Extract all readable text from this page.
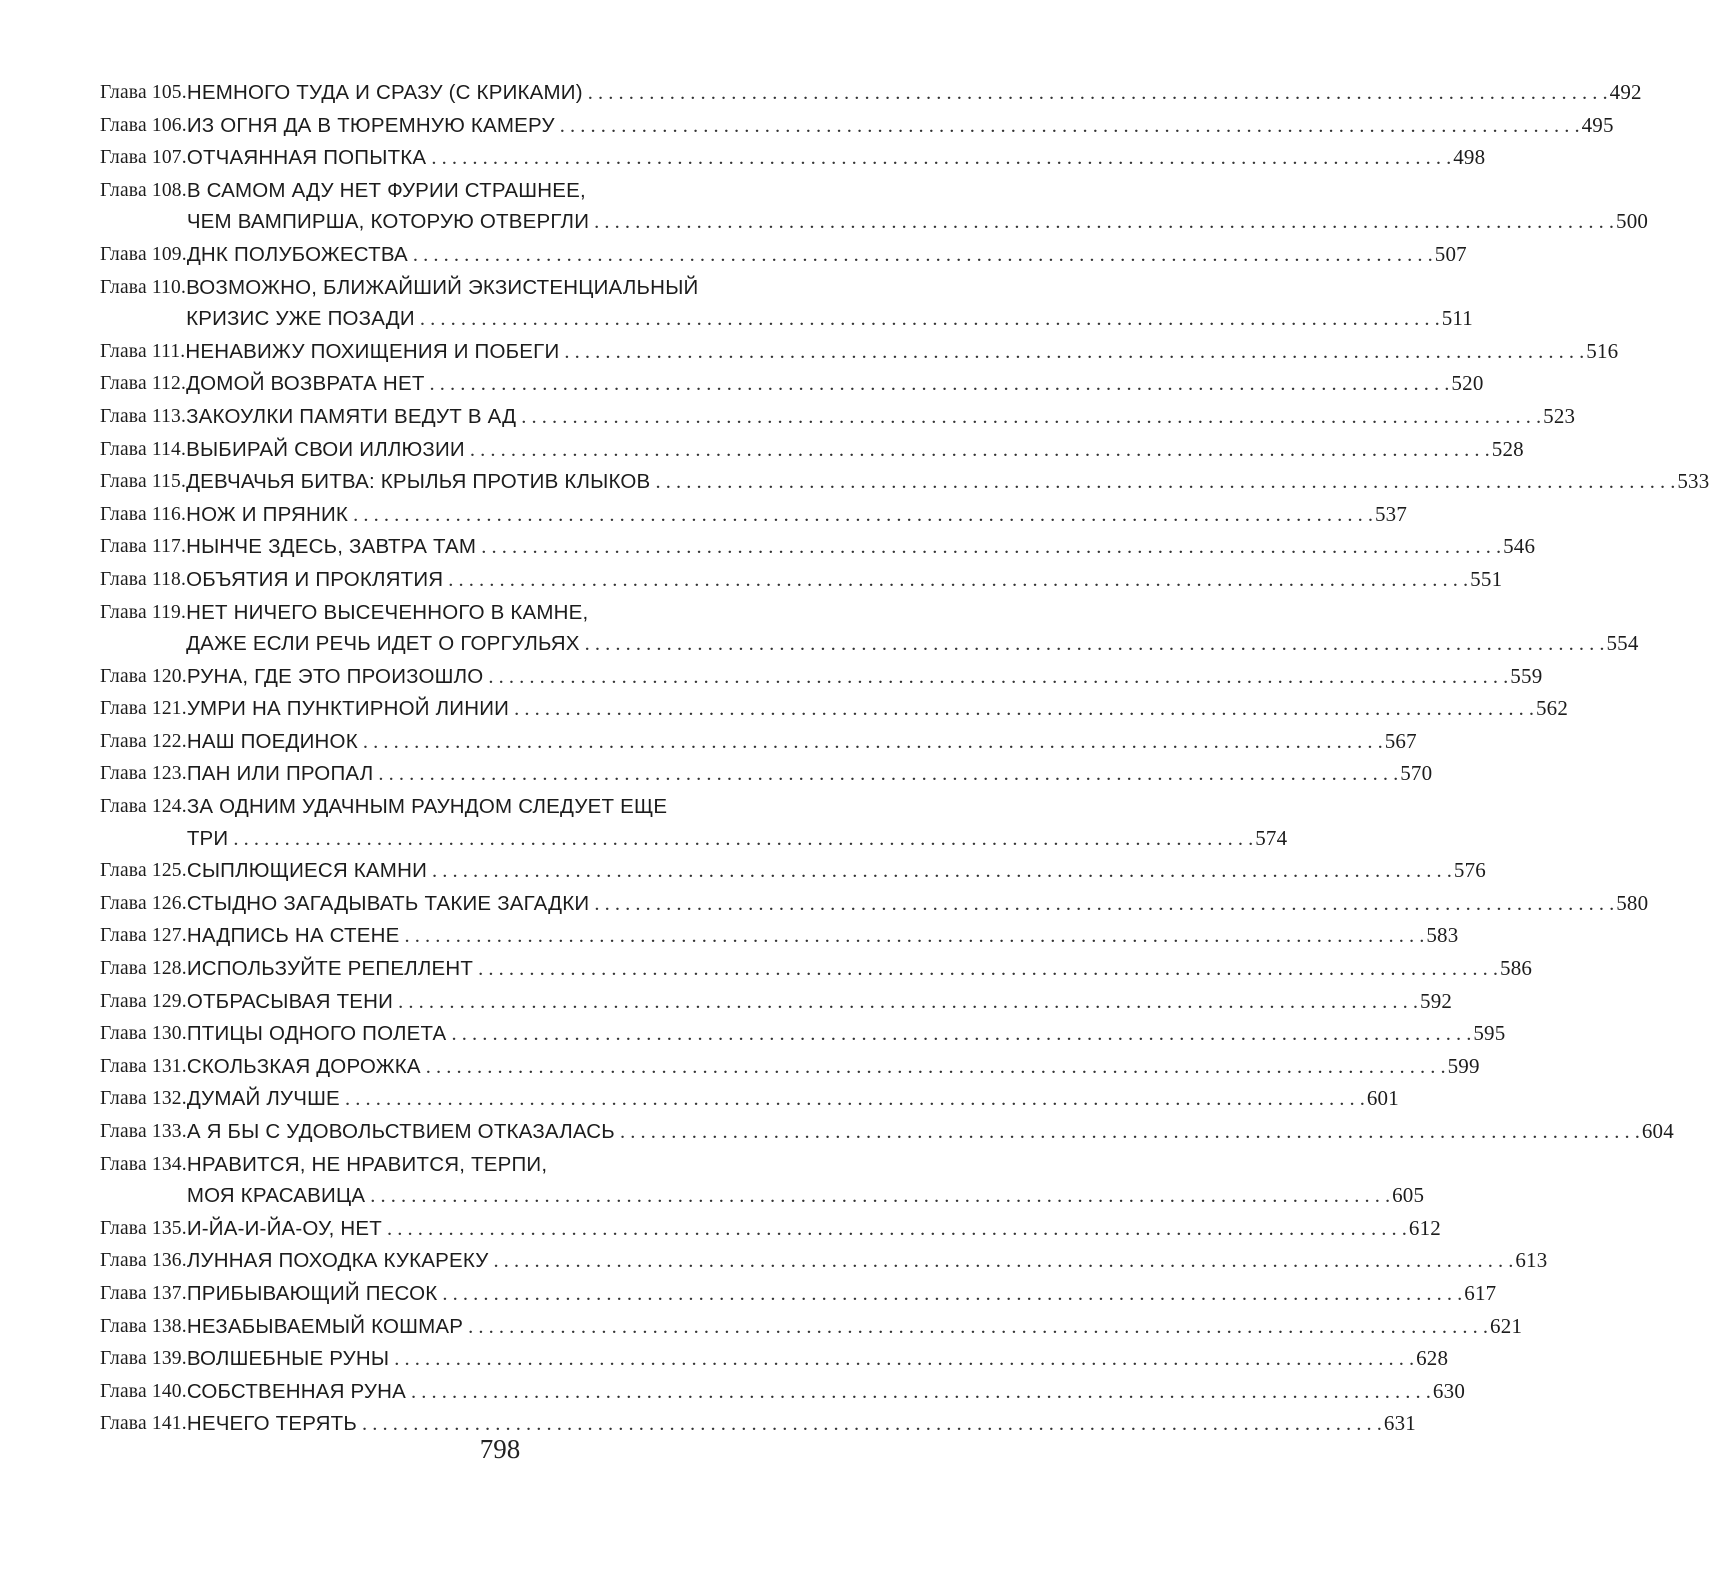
Глава 105. НЕМНОГО ТУДА И СРАЗУ (С КРИКАМИ) . . .	492
Глава 106. ИЗ ОГНЯ ДА В ТЮРЕМНУЮ КАМЕРУ . . .	495
Глава 107. ОТЧАЯННАЯ ПОПЫТКА . . .	498
Глава 108. В САМОМ АДУ НЕТ ФУРИИ СТРАШНЕЕ,
ЧЕМ ВАМПИРША, КОТОРУЮ ОТВЕРГЛИ . . .	500
Глава 109. ДНК ПОЛУБОЖЕСТВА . . .	507
Глава 110. ВОЗМОЖНО, БЛИЖАЙШИЙ ЭКЗИСТЕНЦИАЛЬНЫЙ
КРИЗИС УЖЕ ПОЗАДИ . . .	511
Глава 111. НЕНАВИЖУ ПОХИЩЕНИЯ И ПОБЕГИ . . .	516
Глава 112. ДОМОЙ ВОЗВРАТА НЕТ . . .	520
Глава 113. ЗАКОУЛКИ ПАМЯТИ ВЕДУТ В АД . . .	523
Глава 114. ВЫБИРАЙ СВОИ ИЛЛЮЗИИ . . .	528
Глава 115. ДЕВЧАЧЬЯ БИТВА: КРЫЛЬЯ ПРОТИВ КЛЫКОВ . . .	533
Глава 116. НОЖ И ПРЯНИК . . .	537
Глава 117. НЫНЧЕ ЗДЕСЬ, ЗАВТРА ТАМ . . .	546
Глава 118. ОБЪЯТИЯ И ПРОКЛЯТИЯ . . .	551
Глава 119. НЕТ НИЧЕГО ВЫСЕЧЕННОГО В КАМНЕ,
ДАЖЕ ЕСЛИ РЕЧЬ ИДЕТ О ГОРГУЛЬЯХ . . .	554
Глава 120. РУНА, ГДЕ ЭТО ПРОИЗОШЛО . . .	559
Глава 121. УМРИ НА ПУНКТИРНОЙ ЛИНИИ . . .	562
Глава 122. НАШ ПОЕДИНОК . . .	567
Глава 123. ПАН ИЛИ ПРОПАЛ . . .	570
Глава 124. ЗА ОДНИМ УДАЧНЫМ РАУНДОМ СЛЕДУЕТ ЕЩЕ
ТРИ . . .	574
Глава 125. СЫПЛЮЩИЕСЯ КАМНИ . . .	576
Глава 126. СТЫДНО ЗАГАДЫВАТЬ ТАКИЕ ЗАГАДКИ . . .	580
Глава 127. НАДПИСЬ НА СТЕНЕ . . .	583
Глава 128. ИСПОЛЬЗУЙТЕ РЕПЕЛЛЕНТ . . .	586
Глава 129. ОТБРАСЫВАЯ ТЕНИ . . .	592
Глава 130. ПТИЦЫ ОДНОГО ПОЛЕТА . . .	595
Глава 131. СКОЛЬЗКАЯ ДОРОЖКА . . .	599
Глава 132. ДУМАЙ ЛУЧШЕ . . .	601
Глава 133. А Я БЫ С УДОВОЛЬСТВИЕМ ОТКАЗАЛАСЬ . . .	604
Глава 134. НРАВИТСЯ, НЕ НРАВИТСЯ, ТЕРПИ,
МОЯ КРАСАВИЦА . . .	605
Глава 135. И-ЙА-И-ЙА-ОУ, НЕТ . . .	612
Глава 136. ЛУННАЯ ПОХОДКА КУКАРЕКУ . . .	613
Глава 137. ПРИБЫВАЮЩИЙ ПЕСОК . . .	617
Глава 138. НЕЗАБЫВАЕМЫЙ КОШМАР . . .	621
Глава 139. ВОЛШЕБНЫЕ РУНЫ . . .	628
Глава 140. СОБСТВЕННАЯ РУНА . . .	630
Глава 141. НЕЧЕГО ТЕРЯТЬ . . .	631
798
